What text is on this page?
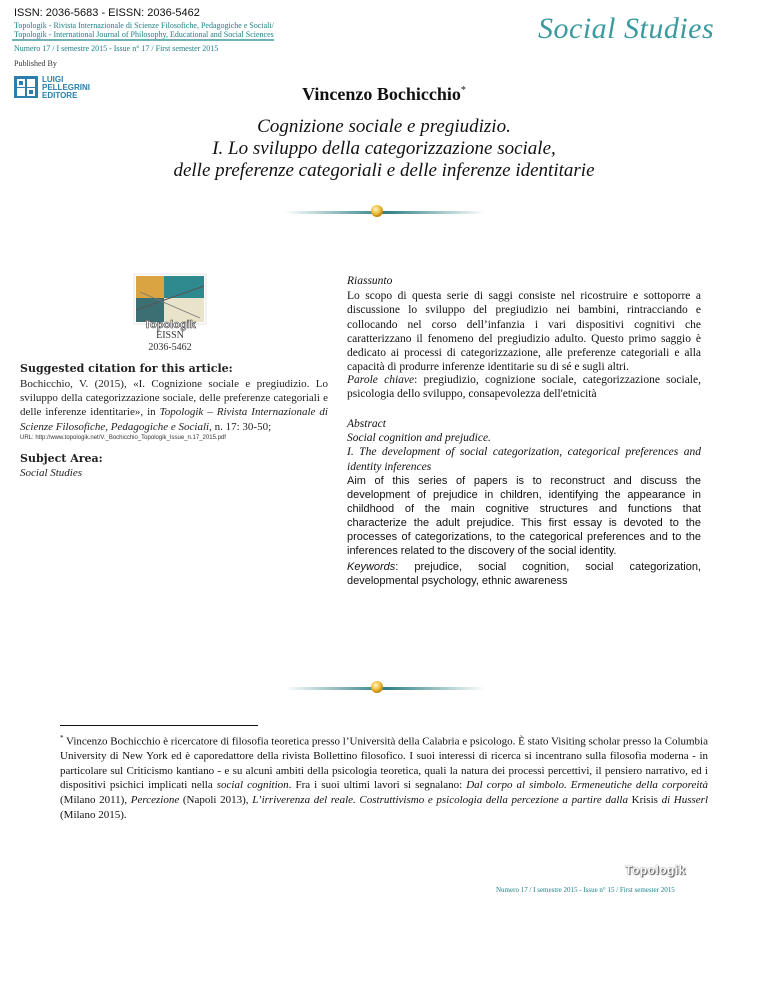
ISSN: 2036-5683 - EISSN: 2036-5462
Topologik - Rivista Internazionale di Scienze Filosofiche, Pedagogiche e Sociali/
Topologik - International Journal of Philosophy, Educational and Social Sciences
Numero 17 / I semestre 2015 - Issue n° 17 / First semester 2015
Social Studies
Published By
LUIGI
PELLEGRINI
EDITORE	Vincenzo Bochicchio*
Cognizione sociale e pregiudizio.
I. Lo sviluppo della categorizzazione sociale,
delle preferenze categoriali e delle inferenze identitarie
Topologik
EISSN
2036-5462
Suggested citation for this article:
Bochicchio, V. (2015), «I. Cognizione sociale e pregiudizio. Lo sviluppo della categorizzazione sociale, delle preferenze categoriali e delle inferenze identitarie», in Topologik – Rivista Internazionale di Scienze Filosofiche, Pedagogiche e Sociali, n. 17: 30-50;
URL: http://www.topologik.net/V._Bochicchio_Topologik_Issue_n.17_2015.pdf
Subject Area:
Social Studies
Riassunto
Lo scopo di questa serie di saggi consiste nel ricostruire e sottoporre a discussione lo sviluppo del pregiudizio nei bambini, rintracciando e collocando nel corso dell’infanzia i vari dispositivi cognitivi che caratterizzano il fenomeno del pregiudizio adulto. Questo primo saggio è dedicato ai processi di categorizzazione, alle preferenze categoriali e alla capacità di produrre inferenze identitarie su di sé e sugli altri.
Parole chiave: pregiudizio, cognizione sociale, categorizzazione sociale, psicologia dello sviluppo, consapevolezza dell'etnicità
Abstract
Social cognition and prejudice.
I. The development of social categorization, categorical preferences and identity inferences
Aim of this series of papers is to reconstruct and discuss the development of prejudice in children, identifying the appearance in childhood of the main cognitive structures and functions that characterize the adult prejudice. This first essay is devoted to the processes of categorizations, to the categorical preferences and to the inferences related to the discovery of the social identity.
Keywords: prejudice, social cognition, social categorization, developmental psychology, ethnic awareness
* Vincenzo Bochicchio è ricercatore di filosofia teoretica presso l’Università della Calabria e psicologo. È stato Visiting scholar presso la Columbia University di New York ed è caporedattore della rivista Bollettino filosofico. I suoi interessi di ricerca si incentrano sulla filosofia moderna - in particolare sul Criticismo kantiano - e su alcuni ambiti della psicologia teoretica, quali la natura dei processi percettivi, il pensiero narrativo, ed i dispositivi psichici implicati nella social cognition. Fra i suoi ultimi lavori si segnalano: Dal corpo al simbolo. Ermeneutiche della corporeità (Milano 2011), Percezione (Napoli 2013), L’irriverenza del reale. Costruttivismo e psicologia della percezione a partire dalla Krisis di Husserl (Milano 2015).
Topologik
Numero 17 / I semestre 2015 - Issue n° 15 / First semester 2015
